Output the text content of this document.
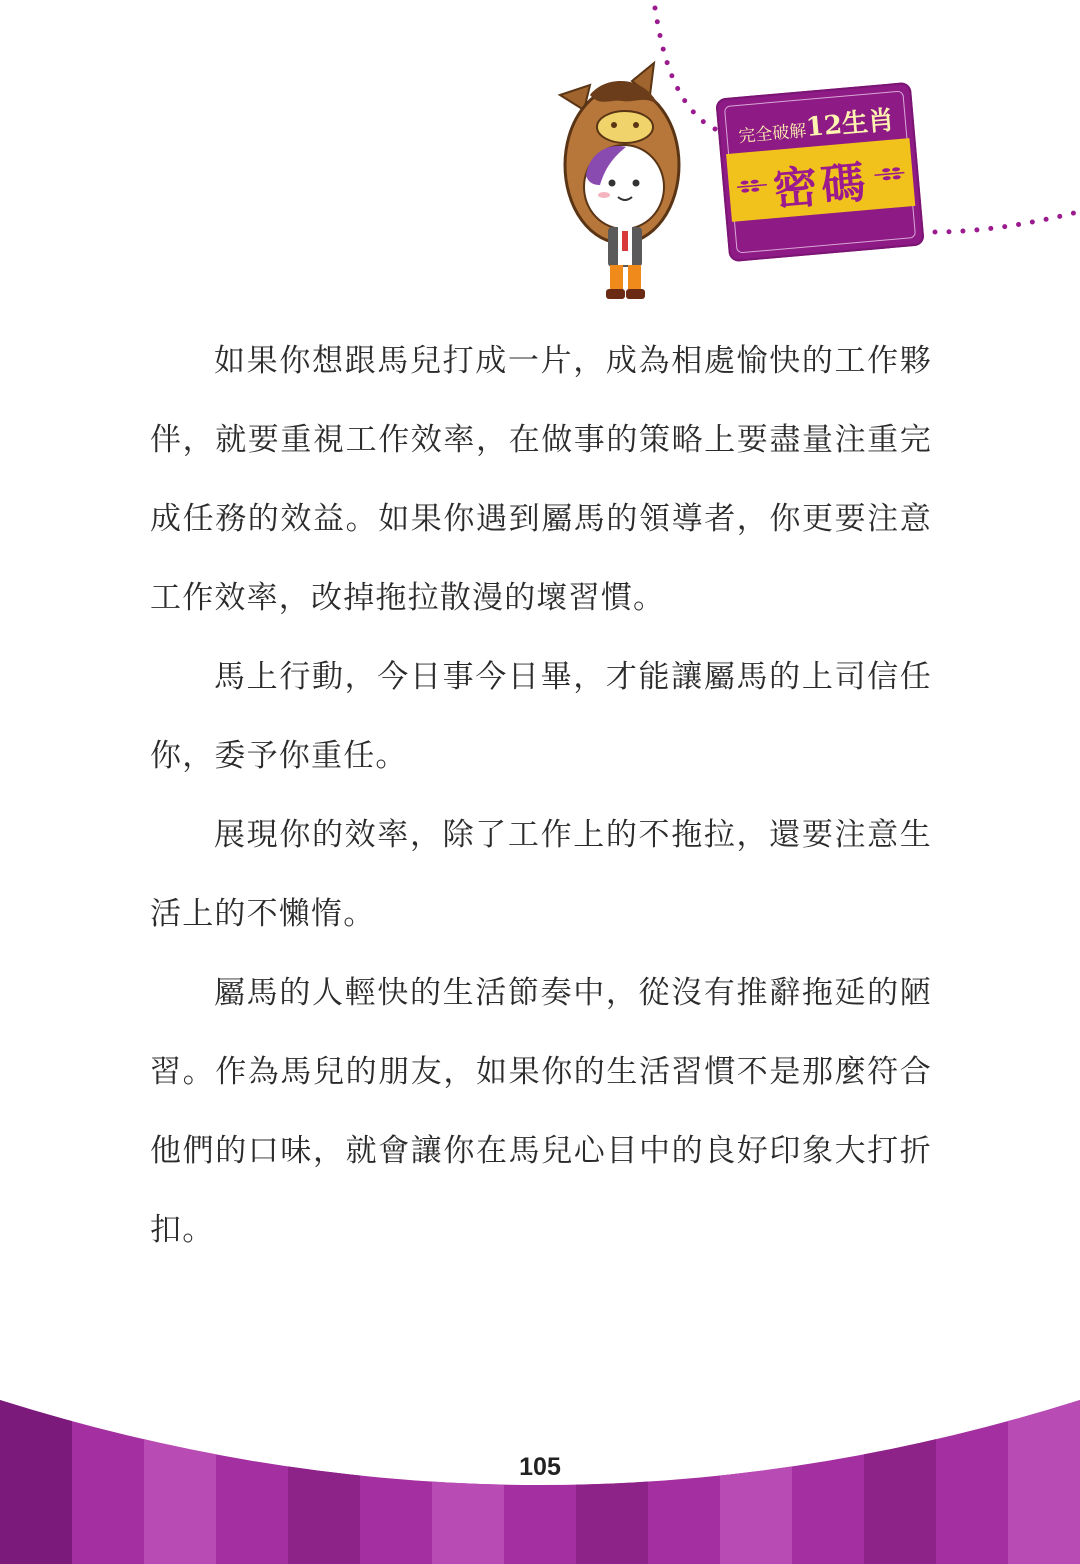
完全破解12生肖
密碼

如果你想跟馬兒打成一片，成為相處愉快的工作夥伴，就要重視工作效率，在做事的策略上要盡量注重完成任務的效益。如果你遇到屬馬的領導者，你更要注意工作效率，改掉拖拉散漫的壞習慣。

馬上行動，今日事今日畢，才能讓屬馬的上司信任你，委予你重任。

展現你的效率，除了工作上的不拖拉，還要注意生活上的不懶惰。

屬馬的人輕快的生活節奏中，從沒有推辭拖延的陋習。作為馬兒的朋友，如果你的生活習慣不是那麼符合他們的口味，就會讓你在馬兒心目中的良好印象大打折扣。

105
